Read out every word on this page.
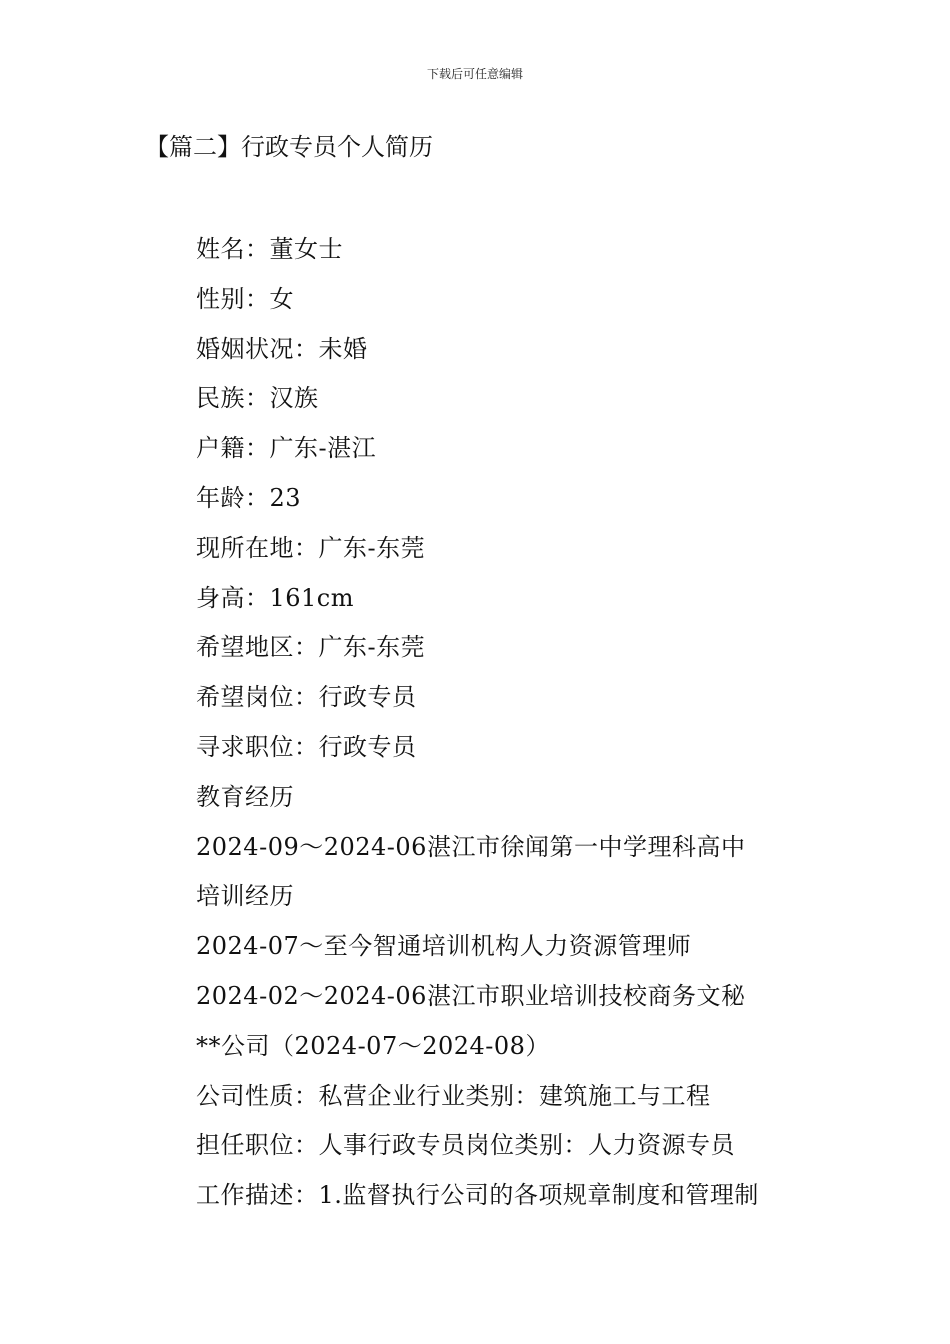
下载后可任意编辑
【篇二】行政专员个人简历
姓名：董女士
性别：女
婚姻状况：未婚
民族：汉族
户籍：广东-湛江
年龄：23
现所在地：广东-东莞
身高：161cm
希望地区：广东-东莞
希望岗位：行政专员
寻求职位：行政专员
教育经历
2024-09～2024-06湛江市徐闻第一中学理科高中
培训经历
2024-07～至今智通培训机构人力资源管理师
2024-02～2024-06湛江市职业培训技校商务文秘
**公司（2024-07～2024-08）
公司性质：私营企业行业类别：建筑施工与工程
担任职位：人事行政专员岗位类别：人力资源专员
工作描述：1.监督执行公司的各项规章制度和管理制
